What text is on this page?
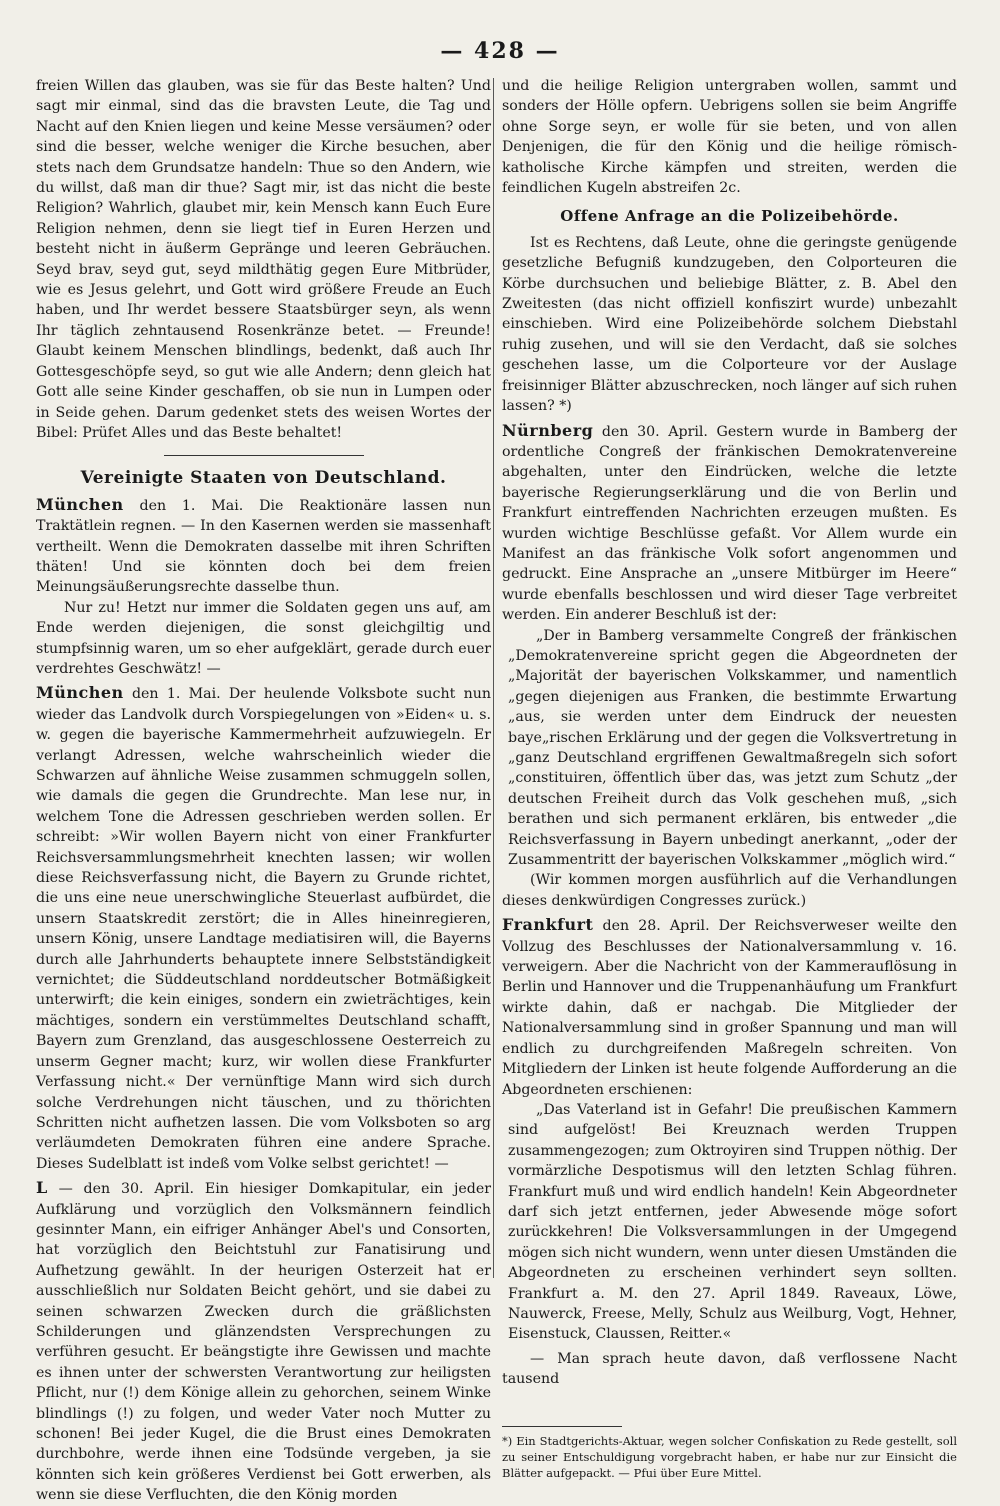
— 428 —

freien Willen das glauben, was sie für das Beste halten? Und sagt mir einmal, sind das die bravsten Leute, die Tag und Nacht auf den Knien liegen und keine Messe versäumen? oder sind die besser, welche weniger die Kirche besuchen, aber stets nach dem Grundsatze handeln: Thue so den Andern, wie du willst, daß man dir thue? Sagt mir, ist das nicht die beste Religion? Wahrlich, glaubet mir, kein Mensch kann Euch Eure Religion nehmen, denn sie liegt tief in Euren Herzen und besteht nicht in äußerm Gepränge und leeren Gebräuchen. Seyd brav, seyd gut, seyd mildthätig gegen Eure Mitbrüder, wie es Jesus gelehrt, und Gott wird größere Freude an Euch haben, und Ihr werdet bessere Staatsbürger seyn, als wenn Ihr täglich zehntausend Rosenkränze betet. — Freunde! Glaubt keinem Menschen blindlings, bedenkt, daß auch Ihr Gottesgeschöpfe seyd, so gut wie alle Andern; denn gleich hat Gott alle seine Kinder geschaffen, ob sie nun in Lumpen oder in Seide gehen. Darum gedenket stets des weisen Wortes der Bibel: Prüfet Alles und das Beste behaltet!

Vereinigte Staaten von Deutschland.

München den 1. Mai. Die Reaktionäre lassen nun Traktätlein regnen. — In den Kasernen werden sie massenhaft vertheilt. Wenn die Demokraten dasselbe mit ihren Schriften thäten! Und sie könnten doch bei dem freien Meinungsäußerungsrechte dasselbe thun.

Nur zu! Hetzt nur immer die Soldaten gegen uns auf, am Ende werden diejenigen, die sonst gleichgiltig und stumpfsinnig waren, um so eher aufgeklärt, gerade durch euer verdrehtes Geschwätz! —

München den 1. Mai. Der heulende Volksbote sucht nun wieder das Landvolk durch Vorspiegelungen von »Eiden« u. s. w. gegen die bayerische Kammermehrheit aufzuwiegeln. Er verlangt Adressen, welche wahrscheinlich wieder die Schwarzen auf ähnliche Weise zusammen schmuggeln sollen, wie damals die gegen die Grundrechte. Man lese nur, in welchem Tone die Adressen geschrieben werden sollen. Er schreibt: »Wir wollen Bayern nicht von einer Frankfurter Reichsversammlungsmehrheit knechten lassen; wir wollen diese Reichsverfassung nicht, die Bayern zu Grunde richtet, die uns eine neue unerschwingliche Steuerlast aufbürdet, die unsern Staatskredit zerstört; die in Alles hineinregieren, unsern König, unsere Landtage mediatisiren will, die Bayerns durch alle Jahrhunderts behauptete innere Selbstständigkeit vernichtet; die Süddeutschland norddeutscher Botmäßigkeit unterwirft; die kein einiges, sondern ein zwieträchtiges, kein mächtiges, sondern ein verstümmeltes Deutschland schafft, Bayern zum Grenzland, das ausgeschlossene Oesterreich zu unserm Gegner macht; kurz, wir wollen diese Frankfurter Verfassung nicht.« Der vernünftige Mann wird sich durch solche Verdrehungen nicht täuschen, und zu thörichten Schritten nicht aufhetzen lassen. Die vom Volksboten so arg verläumdeten Demokraten führen eine andere Sprache. Dieses Sudelblatt ist indeß vom Volke selbst gerichtet! —

L — den 30. April. Ein hiesiger Domkapitular, ein jeder Aufklärung und vorzüglich den Volksmännern feindlich gesinnter Mann, ein eifriger Anhänger Abel's und Consorten, hat vorzüglich den Beichtstuhl zur Fanatisirung und Aufhetzung gewählt. In der heurigen Osterzeit hat er ausschließlich nur Soldaten Beicht gehört, und sie dabei zu seinen schwarzen Zwecken durch die gräßlichsten Schilderungen und glänzendsten Versprechungen zu verführen gesucht. Er beängstigte ihre Gewissen und machte es ihnen unter der schwersten Verantwortung zur heiligsten Pflicht, nur (!) dem Könige allein zu gehorchen, seinem Winke blindlings (!) zu folgen, und weder Vater noch Mutter zu schonen! Bei jeder Kugel, die die Brust eines Demokraten durchbohre, werde ihnen eine Todsünde vergeben, ja sie könnten sich kein größeres Verdienst bei Gott erwerben, als wenn sie diese Verfluchten, die den König morden

und die heilige Religion untergraben wollen, sammt und sonders der Hölle opfern. Uebrigens sollen sie beim Angriffe ohne Sorge seyn, er wolle für sie beten, und von allen Denjenigen, die für den König und die heilige römisch-katholische Kirche kämpfen und streiten, werden die feindlichen Kugeln abstreifen 2c.

Offene Anfrage an die Polizeibehörde.

Ist es Rechtens, daß Leute, ohne die geringste genügende gesetzliche Befugniß kundzugeben, den Colporteuren die Körbe durchsuchen und beliebige Blätter, z. B. Abel den Zweitesten (das nicht offiziell konfiszirt wurde) unbezahlt einschieben. Wird eine Polizeibehörde solchem Diebstahl ruhig zusehen, und will sie den Verdacht, daß sie solches geschehen lasse, um die Colporteure vor der Auslage freisinniger Blätter abzuschrecken, noch länger auf sich ruhen lassen? *)

Nürnberg den 30. April. Gestern wurde in Bamberg der ordentliche Congreß der fränkischen Demokratenvereine abgehalten, unter den Eindrücken, welche die letzte bayerische Regierungserklärung und die von Berlin und Frankfurt eintreffenden Nachrichten erzeugen mußten. Es wurden wichtige Beschlüsse gefaßt. Vor Allem wurde ein Manifest an das fränkische Volk sofort angenommen und gedruckt. Eine Ansprache an „unsere Mitbürger im Heere“ wurde ebenfalls beschlossen und wird dieser Tage verbreitet werden. Ein anderer Beschluß ist der:

„Der in Bamberg versammelte Congreß der fränkischen „Demokratenvereine spricht gegen die Abgeordneten der „Majorität der bayerischen Volkskammer, und namentlich „gegen diejenigen aus Franken, die bestimmte Erwartung „aus, sie werden unter dem Eindruck der neuesten baye„rischen Erklärung und der gegen die Volksvertretung in „ganz Deutschland ergriffenen Gewaltmaßregeln sich sofort „constituiren, öffentlich über das, was jetzt zum Schutz „der deutschen Freiheit durch das Volk geschehen muß, „sich berathen und sich permanent erklären, bis entweder „die Reichsverfassung in Bayern unbedingt anerkannt, „oder der Zusammentritt der bayerischen Volkskammer „möglich wird.“

(Wir kommen morgen ausführlich auf die Verhandlungen dieses denkwürdigen Congresses zurück.)

Frankfurt den 28. April. Der Reichsverweser weilte den Vollzug des Beschlusses der Nationalversammlung v. 16. verweigern. Aber die Nachricht von der Kammerauflösung in Berlin und Hannover und die Truppenanhäufung um Frankfurt wirkte dahin, daß er nachgab. Die Mitglieder der Nationalversammlung sind in großer Spannung und man will endlich zu durchgreifenden Maßregeln schreiten. Von Mitgliedern der Linken ist heute folgende Aufforderung an die Abgeordneten erschienen:

„Das Vaterland ist in Gefahr! Die preußischen Kammern sind aufgelöst! Bei Kreuznach werden Truppen zusammengezogen; zum Oktroyiren sind Truppen nöthig. Der vormärzliche Despotismus will den letzten Schlag führen. Frankfurt muß und wird endlich handeln! Kein Abgeordneter darf sich jetzt entfernen, jeder Abwesende möge sofort zurückkehren! Die Volksversammlungen in der Umgegend mögen sich nicht wundern, wenn unter diesen Umständen die Abgeordneten zu erscheinen verhindert seyn sollten. Frankfurt a. M. den 27. April 1849. Raveaux, Löwe, Nauwerck, Freese, Melly, Schulz aus Weilburg, Vogt, Hehner, Eisenstuck, Claussen, Reitter.«

— Man sprach heute davon, daß verflossene Nacht tausend

*) Ein Stadtgerichts-Aktuar, wegen solcher Confiskation zu Rede gestellt, soll zu seiner Entschuldigung vorgebracht haben, er habe nur zur Einsicht die Blätter aufgepackt. — Pfui über Eure Mittel.
